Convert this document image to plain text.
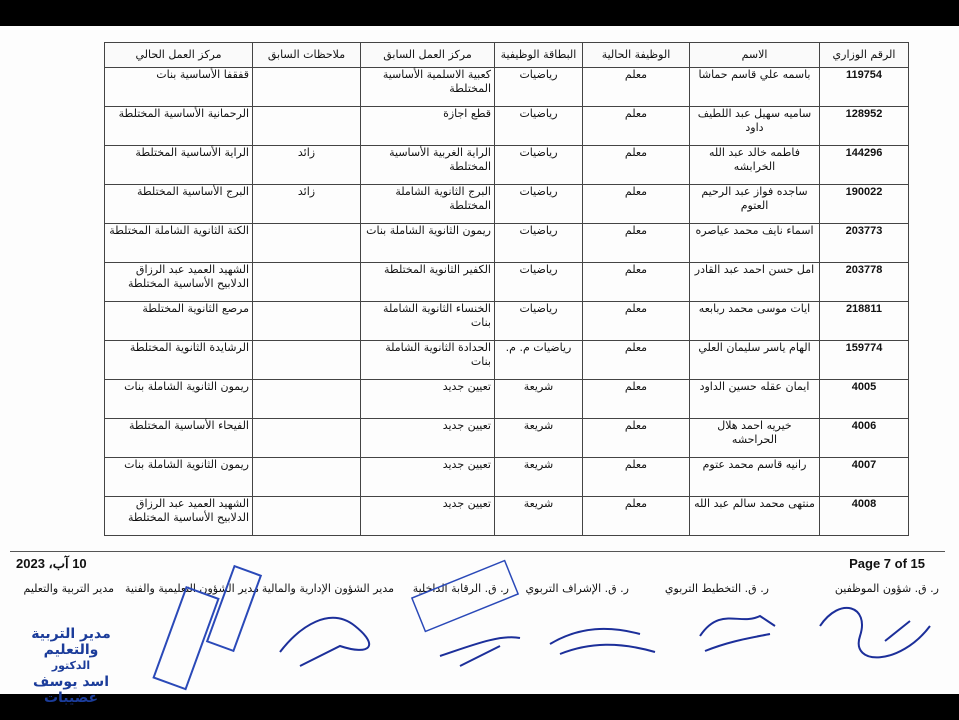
الرقم الوزاري	الاسم	الوظيفة الحالية	البطاقة الوظيفية	مركز العمل السابق	ملاحظات السابق	مركز العمل الحالي
119754	باسمه علي قاسم حماشا	معلم	رياضيات	كعبية الاسلمية الأساسية المختلطة		قفقفا الأساسية بنات
128952	ساميه سهيل عبد اللطيف داود	معلم	رياضيات	قطع اجازة		الرحمانية الأساسية المختلطة
144296	فاطمه خالد عبد الله الخرابشه	معلم	رياضيات	الراية الغربية الأساسية المختلطة	زائد	الراية الأساسية المختلطة
190022	ساجده فواز عبد الرحيم العتوم	معلم	رياضيات	البرج الثانوية الشاملة المختلطة	زائد	البرج الأساسية المختلطة
203773	اسماء نايف محمد عياصره	معلم	رياضيات	ريمون الثانوية الشاملة بنات		الكتة الثانوية الشاملة المختلطة
203778	امل حسن احمد عبد القادر	معلم	رياضيات	الكفير الثانوية المختلطة		الشهيد العميد عبد الرزاق الدلابيح الأساسية المختلطة
218811	ايات موسى محمد ربابعه	معلم	رياضيات	الخنساء الثانوية الشاملة بنات		مرصع الثانوية المختلطة
159774	الهام ياسر سليمان العلي	معلم	رياضيات م. م.	الحدادة الثانوية الشاملة بنات		الرشايدة الثانوية المختلطة
4005	ايمان عقله حسين الداود	معلم	شريعة	تعيين جديد		ريمون الثانوية الشاملة بنات
4006	خيريه احمد هلال الحراحشه	معلم	شريعة	تعيين جديد		الفيحاء الأساسية المختلطة
4007	رانيه قاسم محمد عتوم	معلم	شريعة	تعيين جديد		ريمون الثانوية الشاملة بنات
4008	منتهى محمد سالم عبد الله	معلم	شريعة	تعيين جديد		الشهيد العميد عبد الرزاق الدلابيح الأساسية المختلطة
Page 7 of 15
10 آب، 2023
ر. ق. شؤون الموظفين
ر. ق. التخطيط التربوي
ر. ق. الإشراف التربوي
ر. ق. الرقابة الداخلية
مدير الشؤون الإدارية والمالية
مدير الشؤون التعليمية والفنية
مدير التربية والتعليم
مدير التربية والتعليم
الدكتور
اسد يوسف عضيبات
